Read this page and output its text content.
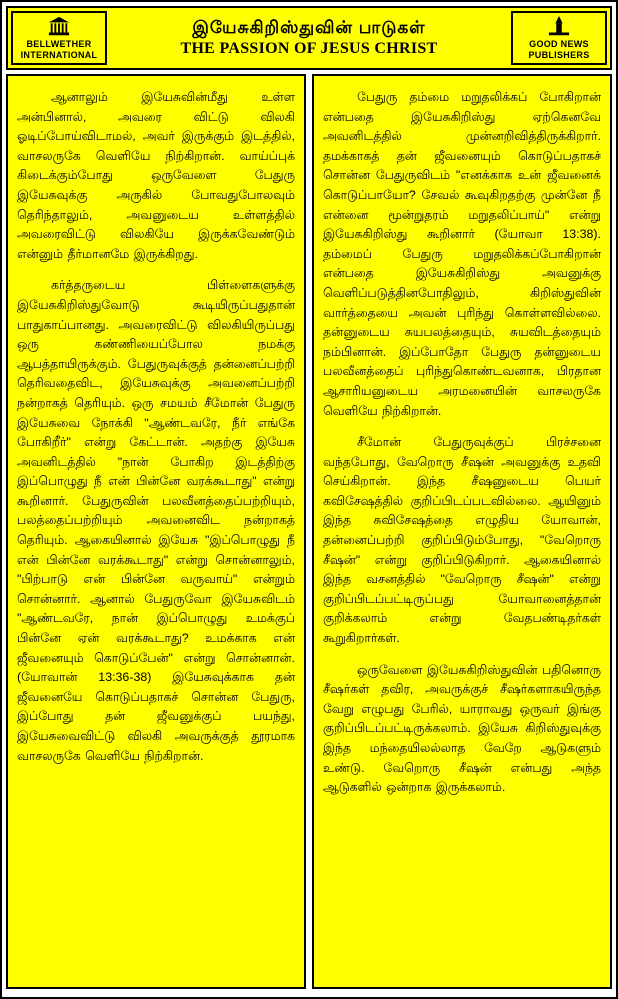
BELLWETHER
INTERNATIONAL
இயேசுகிறிஸ்துவின் பாடுகள்
THE PASSION OF JESUS CHRIST	GOOD NEWS
PUBLISHERS

ஆனாலும் இயேசுவின்மீது உள்ள அன்பினால், அவரை விட்டு விலகி ஓடிப்போய்விடாமல், அவர் இருக்கும் இடத்தில், வாசலருகே வெளியே நிற்கிறான். வாய்ப்புக் கிடைக்கும்போது ஒருவேளை பேதுரு இயேசுவுக்கு அருகில் போவதுபோலவும் தெரிந்தாலும், அவனுடைய உள்ளத்தில் அவரைவிட்டு விலகியே இருக்கவேண்டும் என்னும் தீர்மானமே இருக்கிறது.

கர்த்தருடைய பிள்ளைகளுக்கு இயேசுகிறிஸ்துவோடு கூடியிருப்பதுதான் பாதுகாப்பானது. அவரைவிட்டு விலகியிருப்பது ஒரு கண்ணியைப்போல நமக்கு ஆபத்தாயிருக்கும். பேதுருவுக்குத் தன்னைப்பற்றி தெரிவதைவிட, இயேசுவுக்கு அவனைப்பற்றி நன்றாகத் தெரியும். ஒரு சமயம் சீமோன் பேதுரு இயேசுவை நோக்கி "ஆண்டவரே, நீர் எங்கே போகிறீர்" என்று கேட்டான். அதற்கு இயேசு அவனிடத்தில் "நான் போகிற இடத்திற்கு இப்பொழுது நீ என் பின்னே வரக்கூடாது" என்று கூறினார். பேதுருவின் பலவீனத்தைப்பற்றியும், பலத்தைப்பற்றியும் அவனைவிட நன்றாகத் தெரியும். ஆகையினால் இயேசு "இப்பொழுது நீ என் பின்னே வரக்கூடாது" என்று சொன்னாலும், "பிற்பாடு என் பின்னே வருவாய்" என்றும் சொன்னார். ஆனால் பேதுருவோ இயேசுவிடம் "ஆண்டவரே, நான் இப்பொழுது உமக்குப் பின்னே ஏன் வரக்கூடாது? உமக்காக என் ஜீவனையும் கொடுப்பேன்" என்று சொன்னான். (யோவான் 13:36-38) இயேசுவுக்காக தன் ஜீவனையே கொடுப்பதாகச் சொன்ன பேதுரு, இப்போது தன் ஜீவனுக்குப் பயந்து, இயேசுவைவிட்டு விலகி அவருக்குத் தூரமாக வாசலருகே வெளியே நிற்கிறான்.

பேதுரு தம்மை மறுதலிக்கப் போகிறான் என்பதை இயேசுகிறிஸ்து ஏற்கெனவே அவனிடத்தில் முன்னறிவித்திருக்கிறார். தமக்காகத் தன் ஜீவனையும் கொடுப்பதாகச் சொன்ன பேதுருவிடம் "எனக்காக உன் ஜீவனைக் கொடுப்பாயோ? சேவல் கூவுகிறதற்கு முன்னே நீ என்னை மூன்றுதரம் மறுதலிப்பாய்" என்று இயேசுகிறிஸ்து கூறினார் (யோவா 13:38). தம்மைப் பேதுரு மறுதலிக்கப்போகிறான் என்பதை இயேசுகிறிஸ்து அவனுக்கு வெளிப்படுத்தினபோதிலும், கிறிஸ்துவின் வார்த்தையை அவன் புரிந்து கொள்ளவில்லை. தன்னுடைய சுயபலத்தையும், சுயவிடத்தையும் நம்பினான். இப்போதோ பேதுரு தன்னுடைய பலவீனத்தைப் புரிந்துகொண்டவனாக, பிரதான ஆசாரியனுடைய அரமனையின் வாசலருகே வெளியே நிற்கிறான்.

சீமோன் பேதுருவுக்குப் பிரச்சனை வந்தபோது, வேறொரு சீஷன் அவனுக்கு உதவி செய்கிறான். இந்த சீஷனுடைய பெயர் கவிசேஷத்தில் குறிப்பிடப்படவில்லை. ஆயினும் இந்த சுவிசேஷத்தை எழுதிய யோவான், தன்னைப்பற்றி குறிப்பிடும்போது, "வேறொரு சீஷன்" என்று குறிப்பிடுகிறார். ஆகையினால் இந்த வசனத்தில் "வேறொரு சீஷன்" என்று குறிப்பிடப்பட்டிருப்பது யோவானைத்தான் குறிக்கலாம் என்று வேதபண்டிதர்கள் கூறுகிறார்கள்.

ஒருவேளை இயேசுகிறிஸ்துவின் பதினொரு சீஷர்கள் தவிர, அவருக்குச் சீஷர்களாகயிருந்த வேறு எழுபது பேரில், யாராவது ஒருவர் இங்கு குறிப்பிடப்பட்டிருக்கலாம். இயேசு கிறிஸ்துவுக்கு இந்த மந்தையிலல்லாத வேறே ஆடுகளும் உண்டு. வேறொரு சீஷன் என்பது அந்த ஆடுகளில் ஒன்றாக இருக்கலாம்.
